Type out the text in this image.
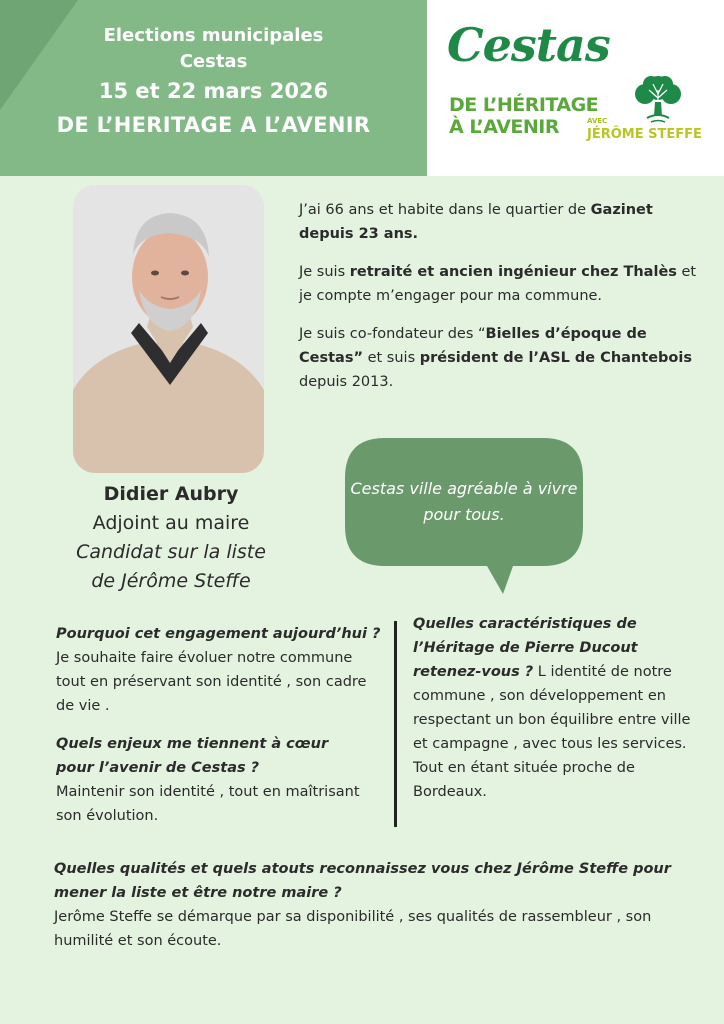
Elections municipales
Cestas
15 et 22 mars 2026
DE L’HERITAGE A L’AVENIR
Cestas
DE L’HÉRITAGE
À L’AVENIR	AVEC
JÉRÔME STEFFE

J’ai 66 ans et habite dans le quartier de Gazinet depuis 23 ans.

Je suis retraité et ancien ingénieur chez Thalès et je compte m’engager pour ma commune.

Je suis co-fondateur des “Bielles d’époque de Cestas” et suis président de l’ASL de Chantebois
depuis 2013.

Cestas ville agréable à vivre pour tous.
Didier Aubry
Adjoint au maire
Candidat sur la liste
de Jérôme Steffe
Pourquoi cet engagement aujourd’hui ?
Je souhaite faire évoluer notre commune tout en préservant son identité , son cadre de vie .
Quels enjeux me tiennent à cœur
pour l’avenir de Cestas ?
Maintenir son identité , tout en maîtrisant son évolution.
Quelles caractéristiques de l’Héritage de Pierre Ducout retenez-vous ? L identité de notre commune , son développement en respectant un bon équilibre entre ville et campagne , avec tous les services. Tout en étant située proche de Bordeaux.
Quelles qualités et quels atouts reconnaissez vous chez Jérôme Steffe pour mener la liste et être notre maire ?
Jerôme Steffe se démarque par sa disponibilité , ses qualités de rassembleur , son humilité et son écoute.
